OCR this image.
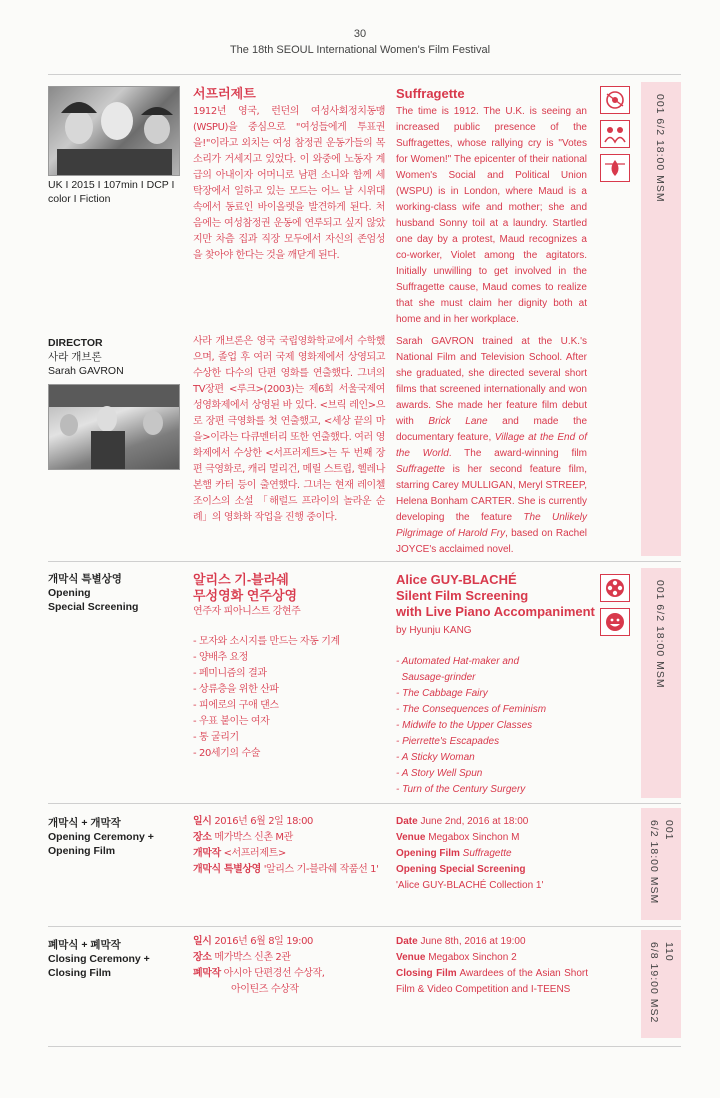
30
The 18th SEOUL International Women's Film Festival
UK I 2015 I 107min I DCP I color I Fiction
서프러제트
1912년 영국, 런던의 여성사회정치동맹(WSPU)을 중심으로 "여성들에게 투표권을!"이라고 외치는 여성 참정권 운동가들의 목소리가 거세지고 있었다. 이 와중에 노동자 계급의 아내이자 어머니로 남편 소니와 함께 세탁장에서 일하고 있는 모드는 어느 날 시위대 속에서 동료인 바이올렛을 발견하게 된다. 처음에는 여성참정권 운동에 연루되고 싶지 않았지만 차츰 집과 직장 모두에서 자신의 존엄성을 찾아야 한다는 것을 깨닫게 된다.
Suffragette
The time is 1912. The U.K. is seeing an increased public presence of the Suffragettes, whose rallying cry is "Votes for Women!" The epicenter of their national Women's Social and Political Union (WSPU) is in London, where Maud is a working-class wife and mother; she and husband Sonny toil at a laundry. Startled one day by a protest, Maud recognizes a co-worker, Violet among the agitators. Initially unwilling to get involved in the Suffragette cause, Maud comes to realize that she must claim her dignity both at home and in her workplace.
001 6/2 18:00 MSM
DIRECTOR
사라 개브론
Sarah GAVRON
사라 개브론은 영국 국립영화학교에서 수학했으며, 졸업 후 여러 국제 영화제에서 상영되고 수상한 다수의 단편 영화를 연출했다. 그녀의 TV장편 <루크>(2003)는 제6회 서울국제여성영화제에서 상영된 바 있다. <브릭 레인>으로 장편 극영화를 첫 연출했고, <세상 끝의 마을>이라는 다큐멘터리 또한 연출했다. 여러 영화제에서 수상한 <서프러제트>는 두 번째 장편 극영화로, 캐리 멀리건, 메릴 스트립, 헬레나 본햄 카터 등이 출연했다. 그녀는 현재 레이첼 조이스의 소설 「해럴드 프라이의 놀라운 순례」의 영화화 작업을 진행 중이다.
Sarah GAVRON trained at the U.K.'s National Film and Television School. After she graduated, she directed several short films that screened internationally and won awards. She made her feature film debut with Brick Lane and made the documentary feature, Village at the End of the World. The award-winning film Suffragette is her second feature film, starring Carey MULLIGAN, Meryl STREEP, Helena Bonham CARTER. She is currently developing the feature The Unlikely Pilgrimage of Harold Fry, based on Rachel JOYCE's acclaimed novel.
개막식 특별상영
Opening
Special Screening
알리스 기-블라쉐
무성영화 연주상영
연주자 피아니스트 강현주
- 모자와 소시지를 만드는 자동 기계
- 양배추 요정
- 페미니즘의 결과
- 상류층을 위한 산파
- 피에로의 구애 댄스
- 우표 붙이는 여자
- 통 굴리기
- 20세기의 수술
Alice GUY-BLACHÉ
Silent Film Screening
with Live Piano Accompaniment
by Hyunju KANG
- Automated Hat-maker and
Sausage-grinder
- The Cabbage Fairy
- The Consequences of Feminism
- Midwife to the Upper Classes
- Pierrette's Escapades
- A Sticky Woman
- A Story Well Spun
- Turn of the Century Surgery
001 6/2 18:00 MSM
개막식 + 개막작
Opening Ceremony +
Opening Film
일시 2016년 6월 2일 18:00
장소 메가박스 신촌 M관
개막작 <서프러제트>
개막식 특별상영 '알리스 기-블라쉐 작품선 1'
Date June 2nd, 2016 at 18:00
Venue Megabox Sinchon M
Opening Film Suffragette
Opening Special Screening
'Alice GUY-BLACHÉ Collection 1'
001
6/2 18:00 MSM
폐막식 + 폐막작
Closing Ceremony +
Closing Film
일시 2016년 6월 8일 19:00
장소 메가박스 신촌 2관
폐막작 아시아 단편경선 수상작,
아이틴즈 수상작
Date June 8th, 2016 at 19:00
Venue Megabox Sinchon 2
Closing Film Awardees of the Asian Short Film & Video Competition and I-TEENS
110
6/8 19:00 MS2
